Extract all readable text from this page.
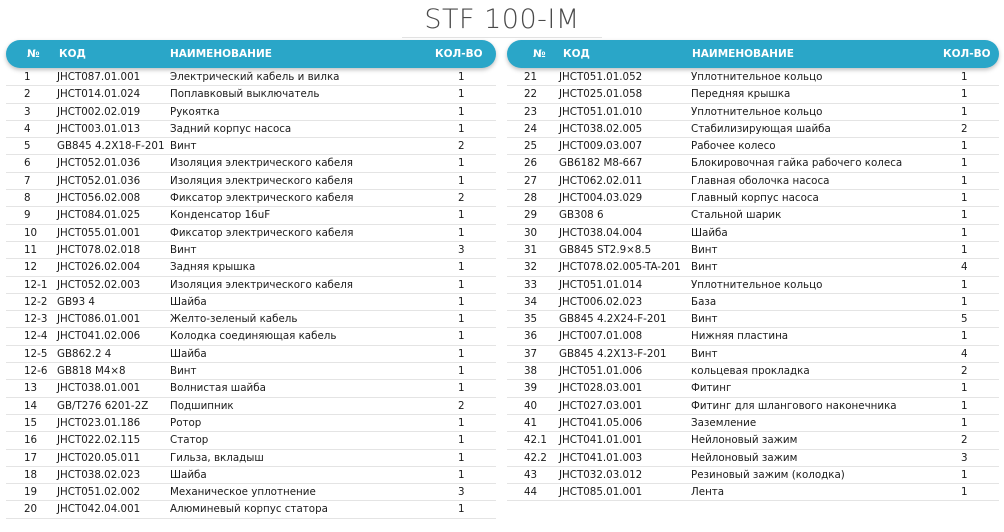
STF 100-IM
№ КОД	НАИМЕНОВАНИЕ	КОЛ-ВО
1	JHCT087.01.001	Электрический кабель и вилка	1
2	JHCT014.01.024	Поплавковый выключатель	1
3	JHCT002.02.019	Рукоятка	1
4	JHCT003.01.013	Задний корпус насоса	1
5	GB845 4.2X18-F-201 Винт	2
6	JHCT052.01.036	Изоляция электрического кабеля	1
7	JHCT052.01.036	Изоляция электрического кабеля	1
8	JHCT056.02.008	Фиксатор электрического кабеля	2
9	JHCT084.01.025	Конденсатор 16uF	1
10 JHCT055.01.001	Фиксатор электрического кабеля	1
11 JHCT078.02.018	Винт	3
12 JHCT026.02.004	Задняя крышка	1
12-1 JHCT052.02.003	Изоляция электрического кабеля	1
12-2 GB93 4	Шайба	1
12-3 JHCT086.01.001	Желто-зеленый кабель	1
12-4 JHCT041.02.006	Колодка соединяющая кабель	1
12-5 GB862.2 4	Шайба	1
12-6 GB818 M4×8	Винт	1
13 JHCT038.01.001	Волнистая шайба	1
14 GB/T276 6201-2Z Подшипник	2
15 JHCT023.01.186	Ротор	1
16 JHCT022.02.115	Статор	1
17 JHCT020.05.011	Гильза, вкладыш	1
18 JHCT038.02.023	Шайба	1
19 JHCT051.02.002	Механическое уплотнение	3
20 JHCT042.04.001	Алюминевый корпус статора	1
№ КОД	НАИМЕНОВАНИЕ	КОЛ-ВО
21 JHCT051.01.052	Уплотнительное кольцо	1
22 JHCT025.01.058	Передняя крышка	1
23 JHCT051.01.010	Уплотнительное кольцо	1
24 JHCT038.02.005	Стабилизирующая шайба	2
25 JHCT009.03.007	Рабочее колесо	1
26 GB6182 M8-667	Блокировочная гайка рабочего колеса	1
27 JHCT062.02.011	Главная оболочка насоса	1
28 JHCT004.03.029	Главный корпус насоса	1
29 GB308 6	Стальной шарик	1
30 JHCT038.04.004	Шайба	1
31 GB845 ST2.9×8.5	Винт	1
32 JHCT078.02.005-TA-201 Винт	4
33 JHCT051.01.014	Уплотнительное кольцо	1
34 JHCT006.02.023	База	1
35 GB845 4.2X24-F-201 Винт	5
36 JHCT007.01.008	Нижняя пластина	1
37 GB845 4.2X13-F-201 Винт	4
38 JHCT051.01.006	кольцевая прокладка	2
39 JHCT028.03.001	Фитинг	1
40 JHCT027.03.001	Фитинг для шлангового наконечника	1
41 JHCT041.05.006	Заземление	1
42.1 JHCT041.01.001	Нейлоновый зажим	2
42.2 JHCT041.01.003	Нейлоновый зажим	3
43 JHCT032.03.012	Резиновый зажим (колодка)	1
44 JHCT085.01.001	Лента	1
